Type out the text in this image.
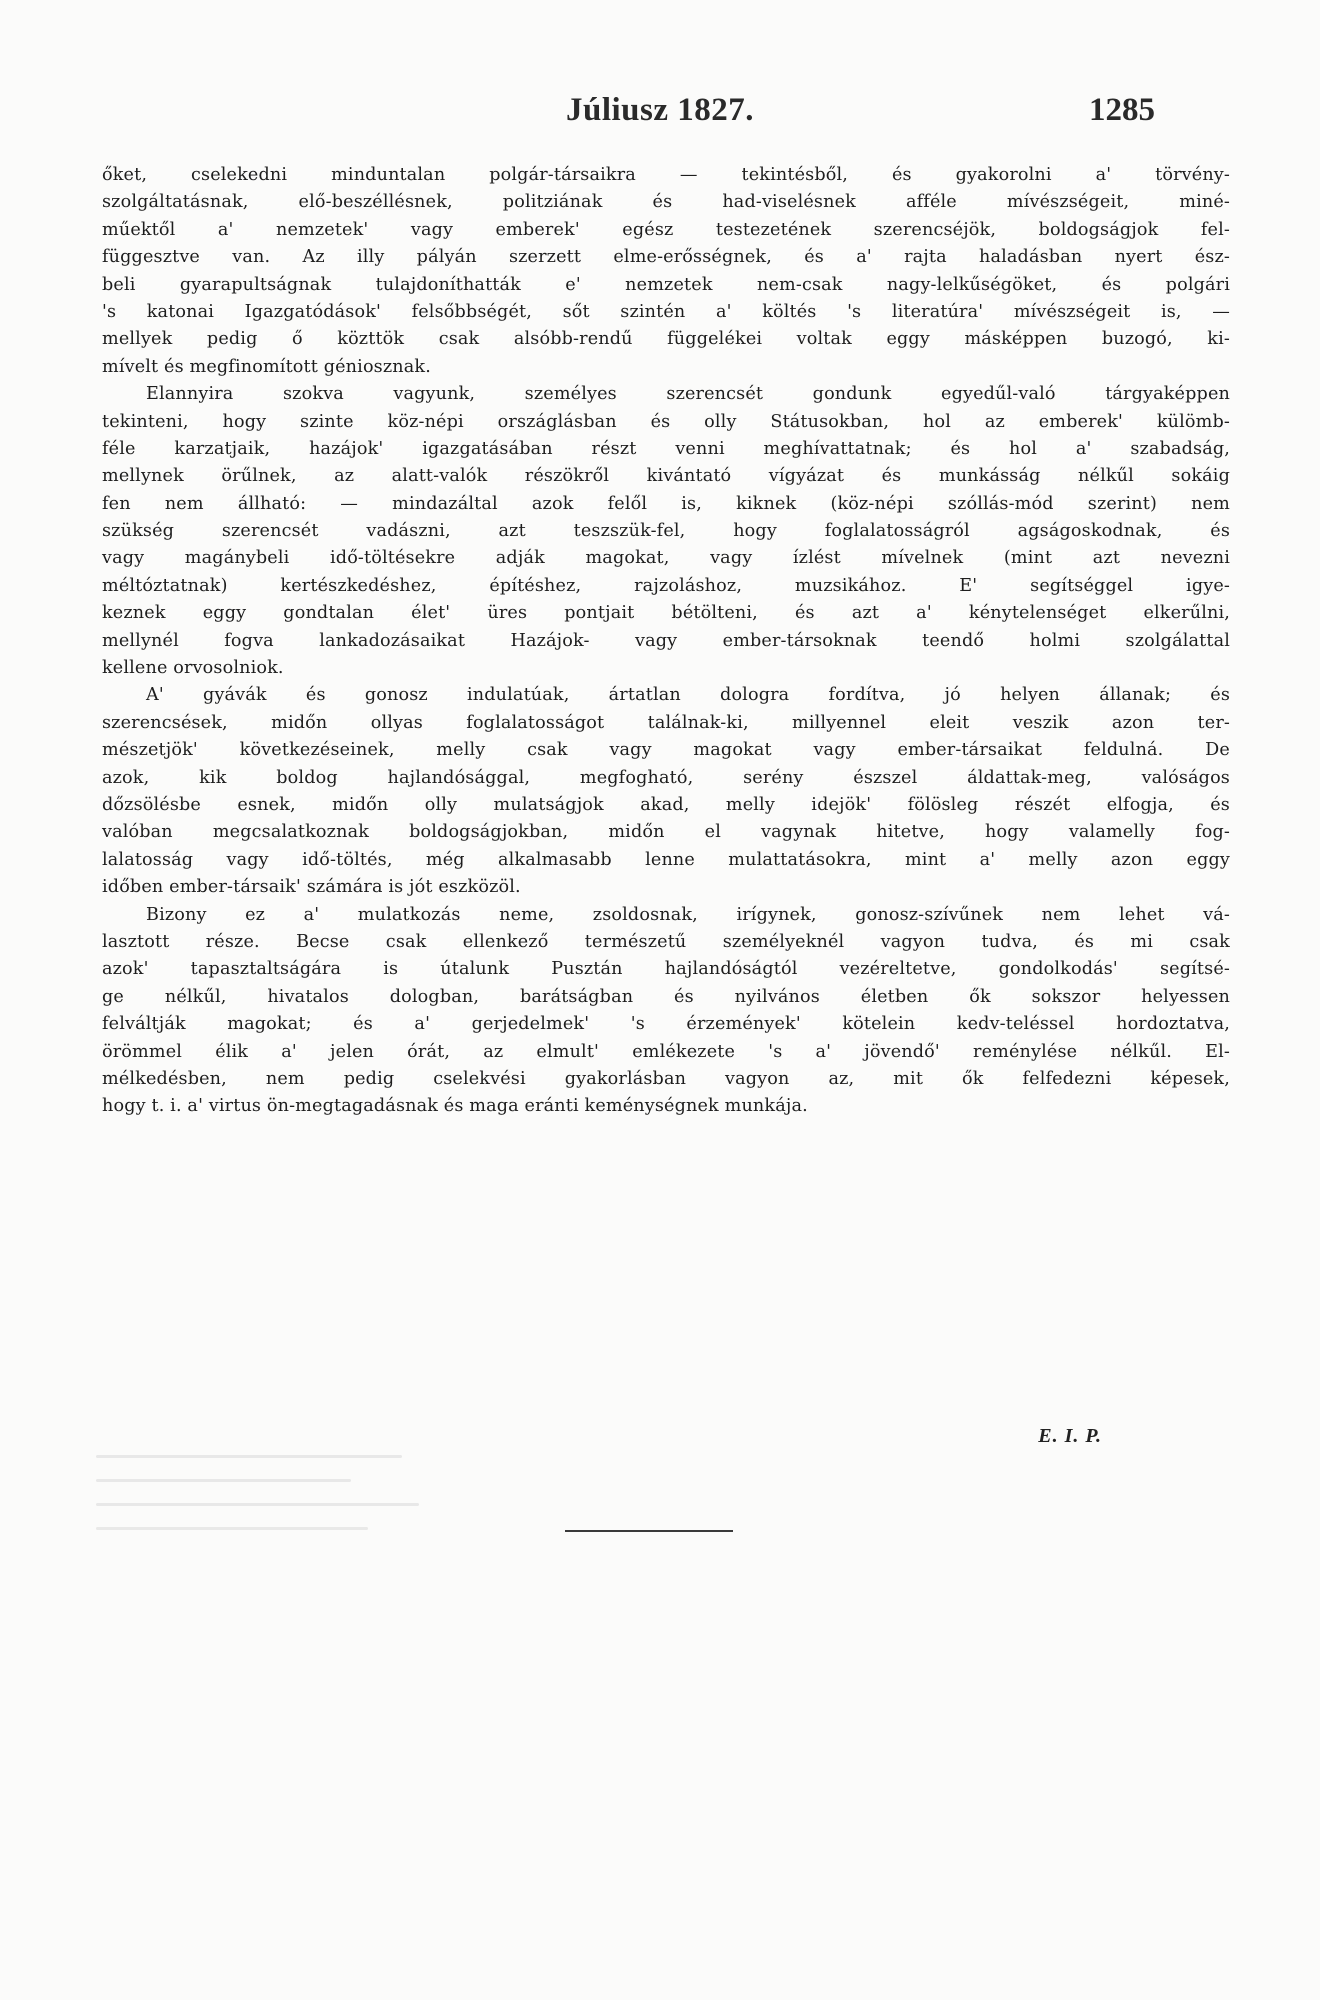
Júliusz 1827.	1285
őket, cselekedni minduntalan polgár-társaikra — tekintésből, és gyakorolni a' törvény-
szolgáltatásnak, elő-beszéllésnek, politziának és had-viselésnek afféle mívészségeit, miné-
műektől a' nemzetek' vagy emberek' egész testezetének szerencséjök, boldogságjok fel-
függesztve van. Az illy pályán szerzett elme-erősségnek, és a' rajta haladásban nyert ész-
beli gyarapultságnak tulajdoníthatták e' nemzetek nem-csak nagy-lelkűségöket, és polgári
's katonai Igazgatódások' felsőbbségét, sőt szintén a' költés 's literatúra' mívészségeit is, —
mellyek pedig ő közttök csak alsóbb-rendű függelékei voltak eggy másképpen buzogó, ki-
mívelt és megfinomított géniosznak.
Elannyira szokva vagyunk, személyes szerencsét gondunk egyedűl-való tárgyaképpen
tekinteni, hogy szinte köz-népi országlásban és olly Státusokban, hol az emberek' külömb-
féle karzatjaik, hazájok' igazgatásában részt venni meghívattatnak; és hol a' szabadság,
mellynek örűlnek, az alatt-valók részökről kivántató vígyázat és munkásság nélkűl sokáig
fen nem állható: — mindazáltal azok felől is, kiknek (köz-népi szóllás-mód szerint) nem
szükség szerencsét vadászni, azt teszszük-fel, hogy foglalatosságról agságoskodnak, és
vagy magánybeli idő-töltésekre adják magokat, vagy ízlést mívelnek (mint azt nevezni
méltóztatnak) kertészkedéshez, építéshez, rajzoláshoz, muzsikához. E' segítséggel igye-
keznek eggy gondtalan élet' üres pontjait bétölteni, és azt a' kénytelenséget elkerűlni,
mellynél fogva lankadozásaikat Hazájok- vagy ember-társoknak teendő holmi szolgálattal
kellene orvosolniok.
A' gyávák és gonosz indulatúak, ártatlan dologra fordítva, jó helyen állanak; és
szerencsések, midőn ollyas foglalatosságot találnak-ki, millyennel eleit veszik azon ter-
mészetjök' következéseinek, melly csak vagy magokat vagy ember-társaikat feldulná. De
azok, kik boldog hajlandósággal, megfogható, serény észszel áldattak-meg, valóságos
dőzsölésbe esnek, midőn olly mulatságjok akad, melly idejök' fölösleg részét elfogja, és
valóban megcsalatkoznak boldogságjokban, midőn el vagynak hitetve, hogy valamelly fog-
lalatosság vagy idő-töltés, még alkalmasabb lenne mulattatásokra, mint a' melly azon eggy
időben ember-társaik' számára is jót eszközöl.
Bizony ez a' mulatkozás neme, zsoldosnak, irígynek, gonosz-szívűnek nem lehet vá-
lasztott része. Becse csak ellenkező természetű személyeknél vagyon tudva, és mi csak
azok' tapasztaltságára is útalunk Pusztán hajlandóságtól vezéreltetve, gondolkodás' segítsé-
ge nélkűl, hivatalos dologban, barátságban és nyilvános életben ők sokszor helyessen
felváltják magokat; és a' gerjedelmek' 's érzemények' kötelein kedv-teléssel hordoztatva,
örömmel élik a' jelen órát, az elmult' emlékezete 's a' jövendő' reménylése nélkűl. El-
mélkedésben, nem pedig cselekvési gyakorlásban vagyon az, mit ők felfedezni képesek,
hogy t. i. a' virtus ön-megtagadásnak és maga eránti keménységnek munkája.
E. I. P.
